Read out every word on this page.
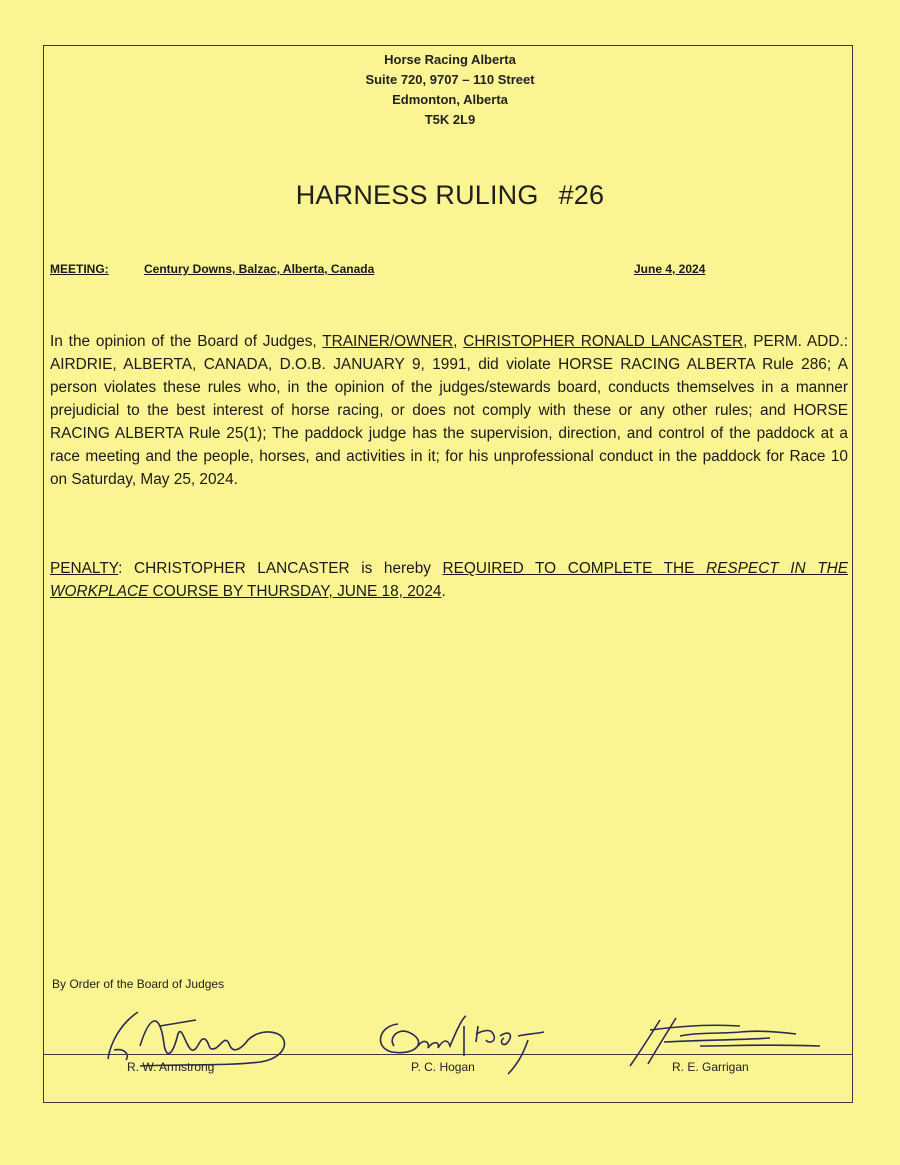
Horse Racing Alberta
Suite 720, 9707 – 110 Street
Edmonton, Alberta
T5K 2L9
HARNESS RULING #26
MEETING:	Century Downs, Balzac, Alberta, Canada	June 4, 2024
In the opinion of the Board of Judges, TRAINER/OWNER, CHRISTOPHER RONALD LANCASTER, PERM. ADD.: AIRDRIE, ALBERTA, CANADA, D.O.B. JANUARY 9, 1991, did violate HORSE RACING ALBERTA Rule 286; A person violates these rules who, in the opinion of the judges/stewards board, conducts themselves in a manner prejudicial to the best interest of horse racing, or does not comply with these or any other rules; and HORSE RACING ALBERTA Rule 25(1); The paddock judge has the supervision, direction, and control of the paddock at a race meeting and the people, horses, and activities in it; for his unprofessional conduct in the paddock for Race 10 on Saturday, May 25, 2024.
PENALTY: CHRISTOPHER LANCASTER is hereby REQUIRED TO COMPLETE THE RESPECT IN THE WORKPLACE COURSE BY THURSDAY, JUNE 18, 2024.
By Order of the Board of Judges
R. W. Armstrong	P. C. Hogan	R. E. Garrigan
